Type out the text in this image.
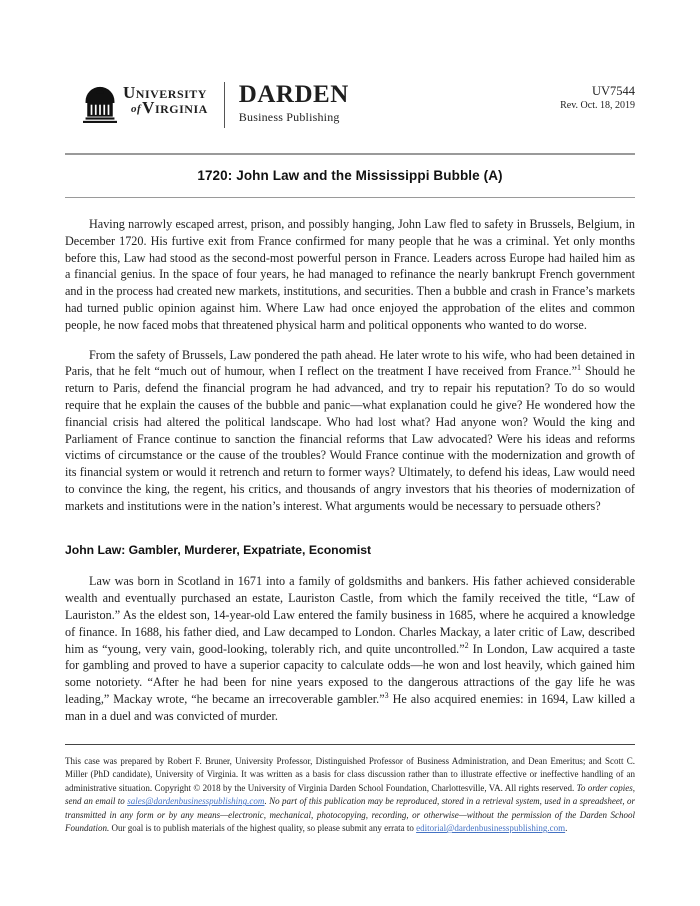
University
ofVirginia DARDEN
Business Publishing
UV7544
Rev. Oct. 18, 2019
1720: John Law and the Mississippi Bubble (A)

Having narrowly escaped arrest, prison, and possibly hanging, John Law fled to safety in Brussels, Belgium, in December 1720. His furtive exit from France confirmed for many people that he was a criminal. Yet only months before this, Law had stood as the second-most powerful person in France. Leaders across Europe had hailed him as a financial genius. In the space of four years, he had managed to refinance the nearly bankrupt French government and in the process had created new markets, institutions, and securities. Then a bubble and crash in France’s markets had turned public opinion against him. Where Law had once enjoyed the approbation of the elites and common people, he now faced mobs that threatened physical harm and political opponents who wanted to do worse.

From the safety of Brussels, Law pondered the path ahead. He later wrote to his wife, who had been detained in Paris, that he felt “much out of humour, when I reflect on the treatment I have received from France.”$^1$ Should he return to Paris, defend the financial program he had advanced, and try to repair his reputation? To do so would require that he explain the causes of the bubble and panic—what explanation could he give? He wondered how the financial crisis had altered the political landscape. Who had lost what? Had anyone won? Would the king and Parliament of France continue to sanction the financial reforms that Law advocated? Were his ideas and reforms victims of circumstance or the cause of the troubles? Would France continue with the modernization and growth of its financial system or would it retrench and return to former ways? Ultimately, to defend his ideas, Law would need to convince the king, the regent, his critics, and thousands of angry investors that his theories of modernization of markets and institutions were in the nation’s interest. What arguments would be necessary to persuade others?

John Law: Gambler, Murderer, Expatriate, Economist

Law was born in Scotland in 1671 into a family of goldsmiths and bankers. His father achieved considerable wealth and eventually purchased an estate, Lauriston Castle, from which the family received the title, “Law of Lauriston.” As the eldest son, 14-year-old Law entered the family business in 1685, where he acquired a knowledge of finance. In 1688, his father died, and Law decamped to London. Charles Mackay, a later critic of Law, described him as “young, very vain, good-looking, tolerably rich, and quite uncontrolled.”$^2$ In London, Law acquired a taste for gambling and proved to have a superior capacity to calculate odds—he won and lost heavily, which gained him some notoriety. “After he had been for nine years exposed to the dangerous attractions of the gay life he was leading,” Mackay wrote, “he became an irrecoverable gambler.”$^3$ He also acquired enemies: in 1694, Law killed a man in a duel and was convicted of murder.

This case was prepared by Robert F. Bruner, University Professor, Distinguished Professor of Business Administration, and Dean Emeritus; and Scott C. Miller (PhD candidate), University of Virginia. It was written as a basis for class discussion rather than to illustrate effective or ineffective handling of an administrative situation. Copyright © 2018 by the University of Virginia Darden School Foundation, Charlottesville, VA. All rights reserved. To order copies, send an email to sales@dardenbusinesspublishing.com. No part of this publication may be reproduced, stored in a retrieval system, used in a spreadsheet, or transmitted in any form or by any means—electronic, mechanical, photocopying, recording, or otherwise—without the permission of the Darden School Foundation. Our goal is to publish materials of the highest quality, so please submit any errata to editorial@dardenbusinesspublishing.com.
